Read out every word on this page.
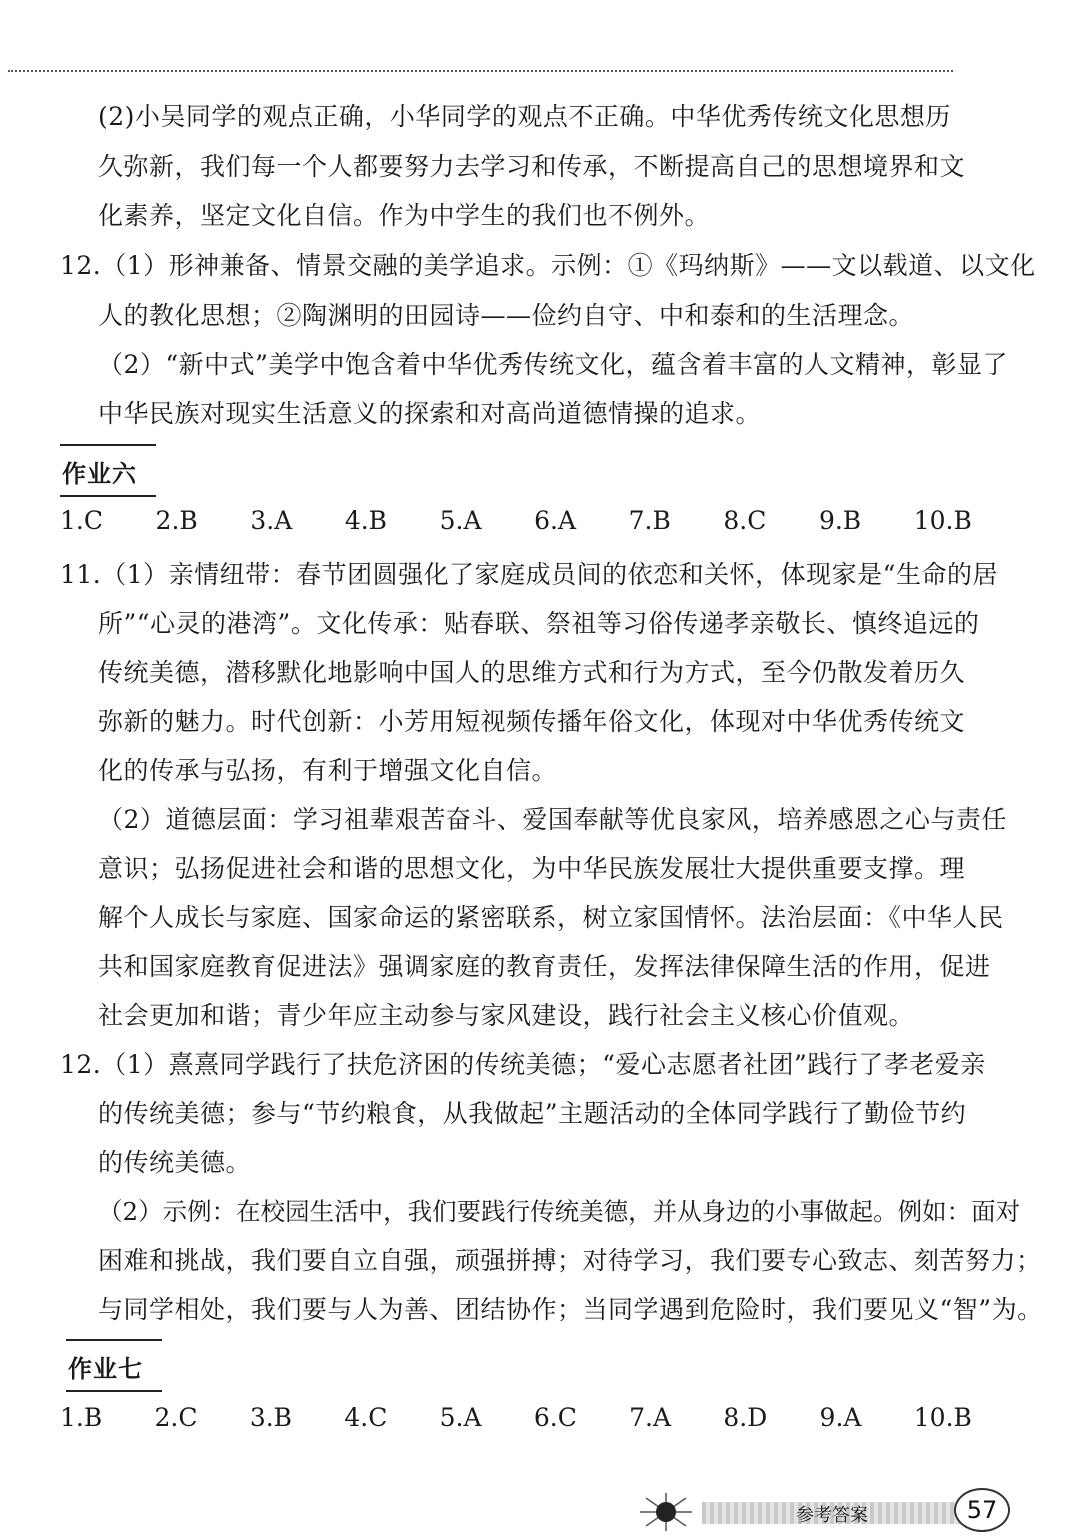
(2)小吴同学的观点正确，小华同学的观点不正确。中华优秀传统文化思想历
久弥新，我们每一个人都要努力去学习和传承，不断提高自己的思想境界和文
化素养，坚定文化自信。作为中学生的我们也不例外。
12.（1）形神兼备、情景交融的美学追求。示例：①《玛纳斯》——文以载道、以文化
人的教化思想；②陶渊明的田园诗——俭约自守、中和泰和的生活理念。
（2）“新中式”美学中饱含着中华优秀传统文化，蕴含着丰富的人文精神，彰显了
中华民族对现实生活意义的探索和对高尚道德情操的追求。
作业六
1.C 2.B 3.A 4.B 5.A 6.A 7.B 8.C 9.B 10.B
11.（1）亲情纽带：春节团圆强化了家庭成员间的依恋和关怀，体现家是“生命的居
所”“心灵的港湾”。文化传承：贴春联、祭祖等习俗传递孝亲敬长、慎终追远的
传统美德，潜移默化地影响中国人的思维方式和行为方式，至今仍散发着历久
弥新的魅力。时代创新：小芳用短视频传播年俗文化，体现对中华优秀传统文
化的传承与弘扬，有利于增强文化自信。
（2）道德层面：学习祖辈艰苦奋斗、爱国奉献等优良家风，培养感恩之心与责任
意识；弘扬促进社会和谐的思想文化，为中华民族发展壮大提供重要支撑。理
解个人成长与家庭、国家命运的紧密联系，树立家国情怀。法治层面：《中华人民
共和国家庭教育促进法》强调家庭的教育责任，发挥法律保障生活的作用，促进
社会更加和谐；青少年应主动参与家风建设，践行社会主义核心价值观。
12.（1）熹熹同学践行了扶危济困的传统美德；“爱心志愿者社团”践行了孝老爱亲
的传统美德；参与“节约粮食，从我做起”主题活动的全体同学践行了勤俭节约
的传统美德。
（2）示例：在校园生活中，我们要践行传统美德，并从身边的小事做起。例如：面对
困难和挑战，我们要自立自强，顽强拼搏；对待学习，我们要专心致志、刻苦努力；
与同学相处，我们要与人为善、团结协作；当同学遇到危险时，我们要见义“智”为。
作业七
1.B 2.C 3.B 4.C 5.A 6.C 7.A 8.D 9.A 10.B
参考答案	57
